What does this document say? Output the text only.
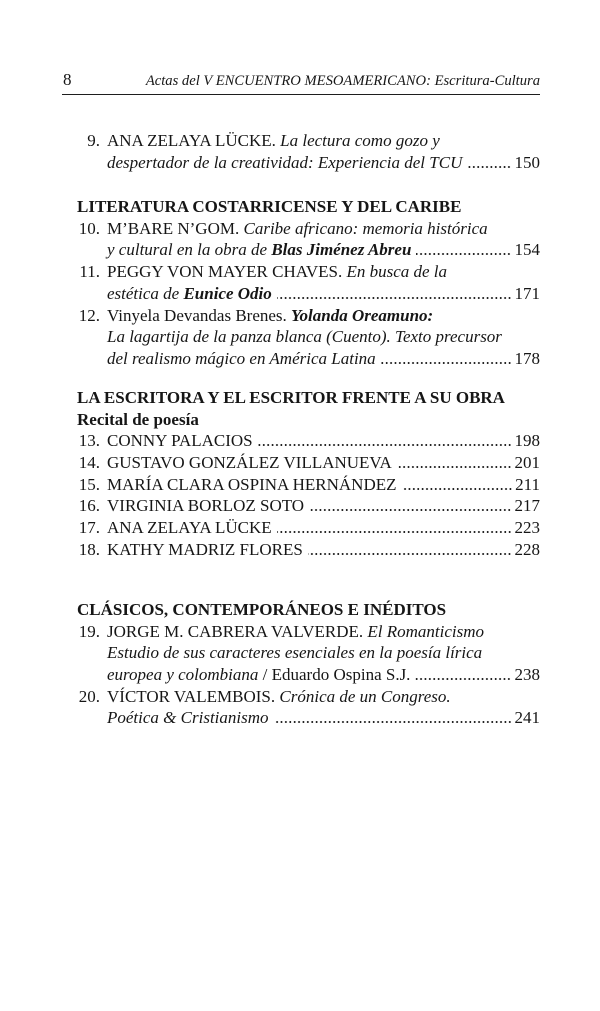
8	Actas del V ENCUENTRO MESOAMERICANO: Escritura-Cultura
9. ANA ZELAYA LÜCKE. La lectura como gozo y
despertador de la creatividad: Experiencia del TCU	150
LITERATURA COSTARRICENSE Y DEL CARIBE
10. M’BARE N’GOM. Caribe africano: memoria histórica
y cultural en la obra de Blas Jiménez Abreu	154
11. PEGGY VON MAYER CHAVES. En busca de la
estética de Eunice Odio	171
12. Vinyela Devandas Brenes. Yolanda Oreamuno:
La lagartija de la panza blanca (Cuento). Texto precursor
del realismo mágico en América Latina	178
LA ESCRITORA Y EL ESCRITOR FRENTE A SU OBRA
Recital de poesía
13. CONNY PALACIOS	198
14. GUSTAVO GONZÁLEZ VILLANUEVA	201
15. MARÍA CLARA OSPINA HERNÁNDEZ	211
16. VIRGINIA BORLOZ SOTO	217
17. ANA ZELAYA LÜCKE	223
18. KATHY MADRIZ FLORES	228
CLÁSICOS, CONTEMPORÁNEOS E INÉDITOS
19. JORGE M. CABRERA VALVERDE. El Romanticismo
Estudio de sus caracteres esenciales en la poesía lírica
europea y colombiana / Eduardo Ospina S.J.	238
20. VÍCTOR VALEMBOIS. Crónica de un Congreso.
Poética & Cristianismo	241
